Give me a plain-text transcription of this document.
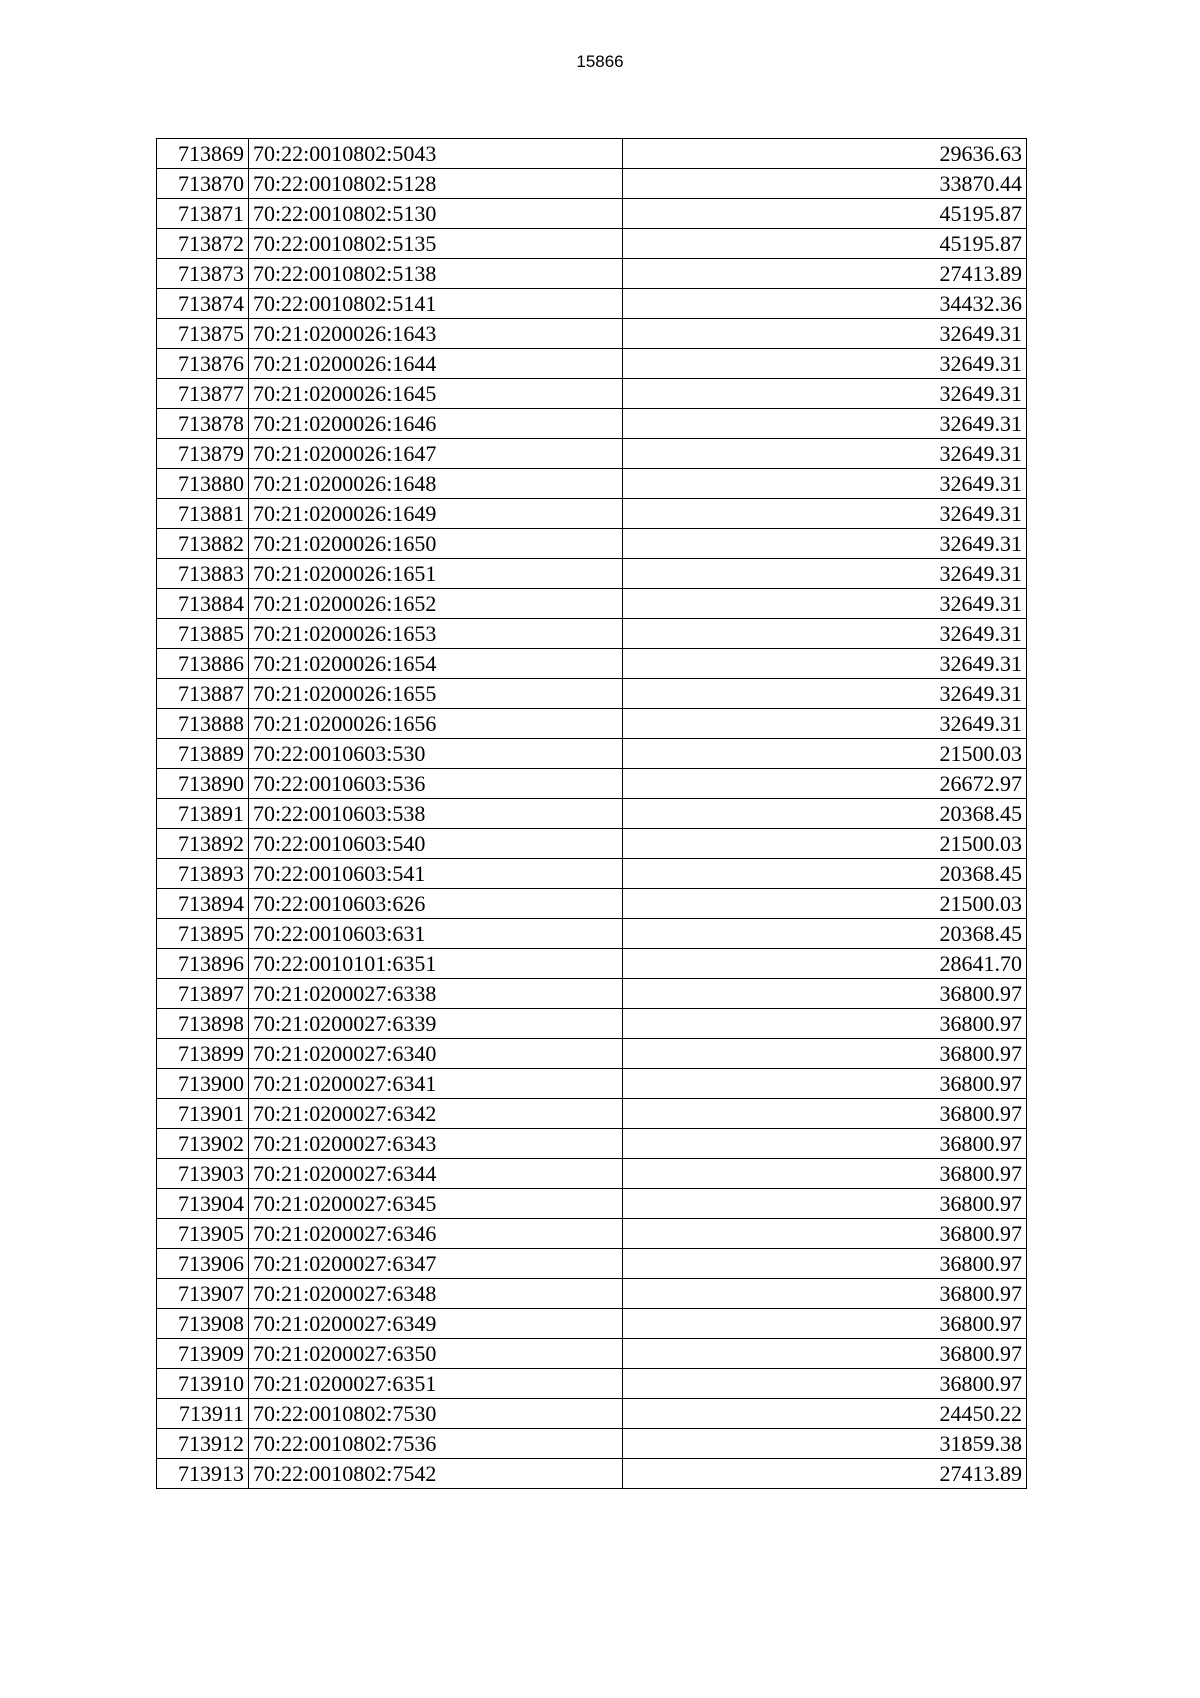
15866
713869	70:22:0010802:5043	29636.63
713870	70:22:0010802:5128	33870.44
713871	70:22:0010802:5130	45195.87
713872	70:22:0010802:5135	45195.87
713873	70:22:0010802:5138	27413.89
713874	70:22:0010802:5141	34432.36
713875	70:21:0200026:1643	32649.31
713876	70:21:0200026:1644	32649.31
713877	70:21:0200026:1645	32649.31
713878	70:21:0200026:1646	32649.31
713879	70:21:0200026:1647	32649.31
713880	70:21:0200026:1648	32649.31
713881	70:21:0200026:1649	32649.31
713882	70:21:0200026:1650	32649.31
713883	70:21:0200026:1651	32649.31
713884	70:21:0200026:1652	32649.31
713885	70:21:0200026:1653	32649.31
713886	70:21:0200026:1654	32649.31
713887	70:21:0200026:1655	32649.31
713888	70:21:0200026:1656	32649.31
713889	70:22:0010603:530	21500.03
713890	70:22:0010603:536	26672.97
713891	70:22:0010603:538	20368.45
713892	70:22:0010603:540	21500.03
713893	70:22:0010603:541	20368.45
713894	70:22:0010603:626	21500.03
713895	70:22:0010603:631	20368.45
713896	70:22:0010101:6351	28641.70
713897	70:21:0200027:6338	36800.97
713898	70:21:0200027:6339	36800.97
713899	70:21:0200027:6340	36800.97
713900	70:21:0200027:6341	36800.97
713901	70:21:0200027:6342	36800.97
713902	70:21:0200027:6343	36800.97
713903	70:21:0200027:6344	36800.97
713904	70:21:0200027:6345	36800.97
713905	70:21:0200027:6346	36800.97
713906	70:21:0200027:6347	36800.97
713907	70:21:0200027:6348	36800.97
713908	70:21:0200027:6349	36800.97
713909	70:21:0200027:6350	36800.97
713910	70:21:0200027:6351	36800.97
713911	70:22:0010802:7530	24450.22
713912	70:22:0010802:7536	31859.38
713913	70:22:0010802:7542	27413.89
